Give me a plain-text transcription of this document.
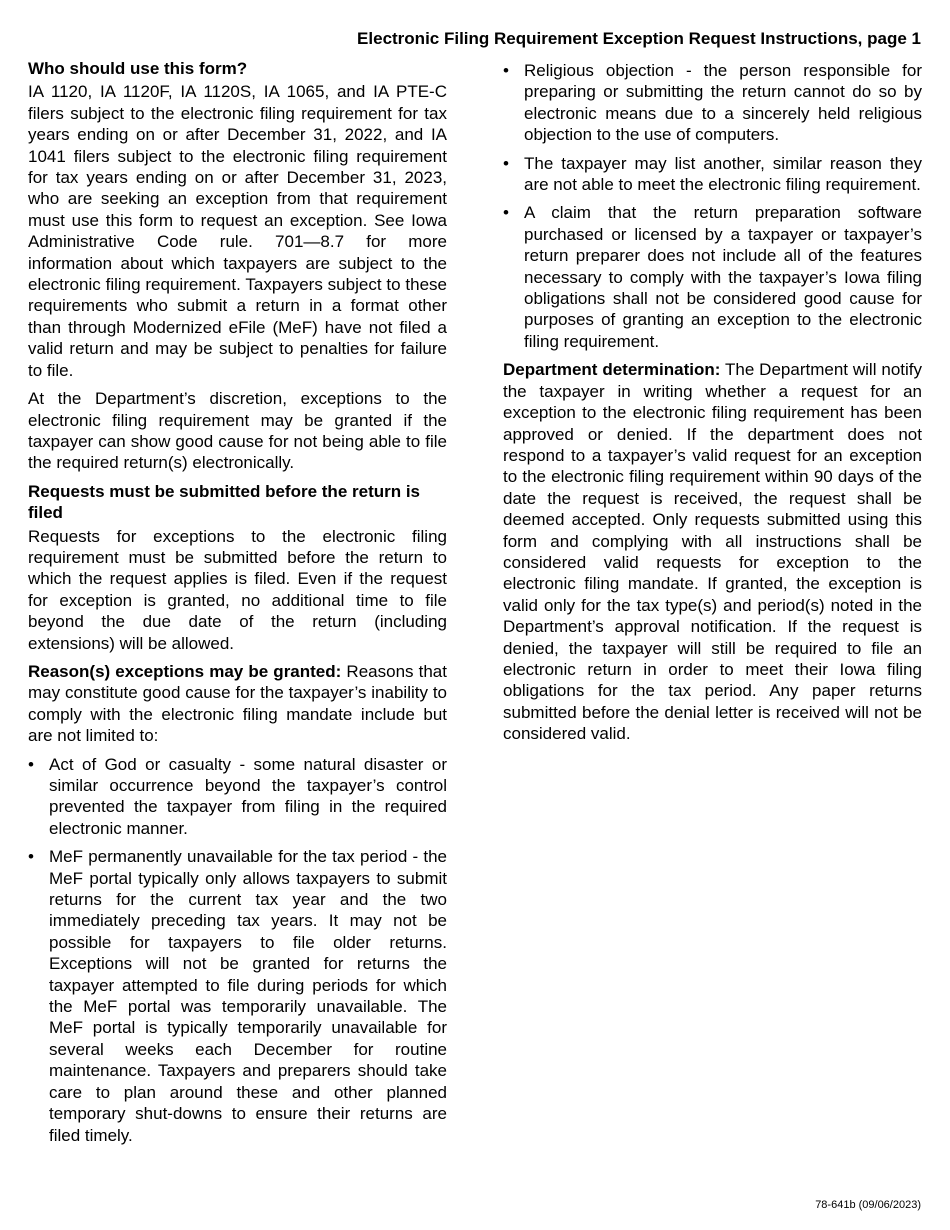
Electronic Filing Requirement Exception Request Instructions, page 1
Who should use this form?

IA 1120, IA 1120F, IA 1120S, IA 1065, and IA PTE-C filers subject to the electronic filing requirement for tax years ending on or after December 31, 2022, and IA 1041 filers subject to the electronic filing requirement for tax years ending on or after December 31, 2023, who are seeking an exception from that requirement must use this form to request an exception. See Iowa Administrative Code rule. 701—8.7 for more information about which taxpayers are subject to the electronic filing requirement. Taxpayers subject to these requirements who submit a return in a format other than through Modernized eFile (MeF) have not filed a valid return and may be subject to penalties for failure to file.

At the Department’s discretion, exceptions to the electronic filing requirement may be granted if the taxpayer can show good cause for not being able to file the required return(s) electronically.

Requests must be submitted before the return is filed

Requests for exceptions to the electronic filing requirement must be submitted before the return to which the request applies is filed. Even if the request for exception is granted, no additional time to file beyond the due date of the return (including extensions) will be allowed.

Reason(s) exceptions may be granted: Reasons that may constitute good cause for the taxpayer’s inability to comply with the electronic filing mandate include but are not limited to:

• Act of God or casualty - some natural disaster or similar occurrence beyond the taxpayer’s control prevented the taxpayer from filing in the required electronic manner.
• MeF permanently unavailable for the tax period - the MeF portal typically only allows taxpayers to submit returns for the current tax year and the two immediately preceding tax years. It may not be possible for taxpayers to file older returns. Exceptions will not be granted for returns the taxpayer attempted to file during periods for which the MeF portal was temporarily unavailable. The MeF portal is typically temporarily unavailable for several weeks each December for routine maintenance. Taxpayers and preparers should take care to plan around these and other planned temporary shut-downs to ensure their returns are filed timely.
• Religious objection - the person responsible for preparing or submitting the return cannot do so by electronic means due to a sincerely held religious objection to the use of computers.
• The taxpayer may list another, similar reason they are not able to meet the electronic filing requirement.
• A claim that the return preparation software purchased or licensed by a taxpayer or taxpayer’s return preparer does not include all of the features necessary to comply with the taxpayer’s Iowa filing obligations shall not be considered good cause for purposes of granting an exception to the electronic filing requirement.

Department determination: The Department will notify the taxpayer in writing whether a request for an exception to the electronic filing requirement has been approved or denied. If the department does not respond to a taxpayer’s valid request for an exception to the electronic filing requirement within 90 days of the date the request is received, the request shall be deemed accepted. Only requests submitted using this form and complying with all instructions shall be considered valid requests for exception to the electronic filing mandate. If granted, the exception is valid only for the tax type(s) and period(s) noted in the Department’s approval notification. If the request is denied, the taxpayer will still be required to file an electronic return in order to meet their Iowa filing obligations for the tax period. Any paper returns submitted before the denial letter is received will not be considered valid.

78-641b (09/06/2023)
